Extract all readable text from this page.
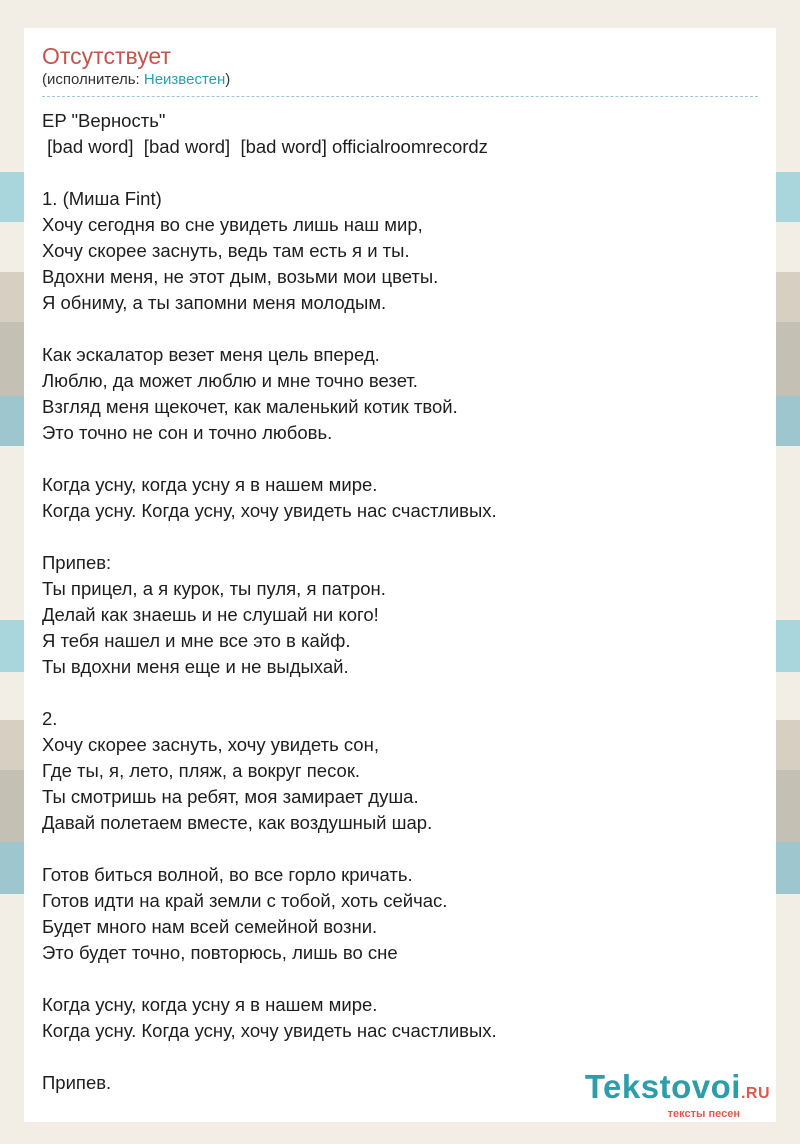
Отсутствует
(исполнитель: Неизвестен)
EP "Верность"
[bad word]  [bad word]  [bad word] officialroomrecordz
1. (Миша Fint)
Хочу сегодня во сне увидеть лишь наш мир,
Хочу скорее заснуть, ведь там есть я и ты.
Вдохни меня, не этот дым, возьми мои цветы.
Я обниму, а ты запомни меня молодым.
Как эскалатор везет меня цель вперед.
Люблю, да может люблю и мне точно везет.
Взгляд меня щекочет, как маленький котик твой.
Это точно не сон и точно любовь.
Когда усну, когда усну я в нашем мире.
Когда усну. Когда усну, хочу увидеть нас счастливых.
Припев:
Ты прицел, а я курок, ты пуля, я патрон.
Делай как знаешь и не слушай ни кого!
Я тебя нашел и мне все это в кайф.
Ты вдохни меня еще и не выдыхай.
2.
Хочу скорее заснуть, хочу увидеть сон,
Где ты, я, лето, пляж, а вокруг песок.
Ты смотришь на ребят, моя замирает душа.
Давай полетаем вместе, как воздушный шар.
Готов биться волной, во все горло кричать.
Готов идти на край земли с тобой, хоть сейчас.
Будет много нам всей семейной возни.
Это будет точно, повторюсь, лишь во сне
Когда усну, когда усну я в нашем мире.
Когда усну. Когда усну, хочу увидеть нас счастливых.
Припев.	Tekstovoi.RU
тексты песен
